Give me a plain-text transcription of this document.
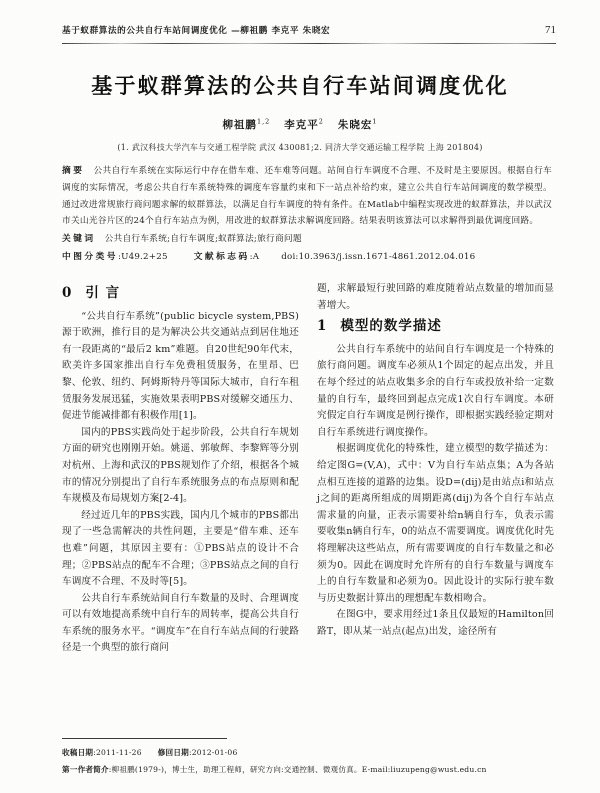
基于蚁群算法的公共自行车站间调度优化 —柳祖鹏 李克平 朱晓宏	71
基于蚁群算法的公共自行车站间调度优化
柳祖鹏$^{1,2}$ 李克平$^2$ 朱晓宏$^1$
(1. 武汉科技大学汽车与交通工程学院 武汉 430081;2. 同济大学交通运输工程学院 上海 201804)
摘要 公共自行车系统在实际运行中存在借车难、还车难等问题。站间自行车调度不合理、不及时是主要原因。根据自行车调度的实际情况，考虑公共自行车系统特殊的调度车容量约束和下一站点补给约束，建立公共自行车站间调度的数学模型。通过改进常规旅行商问题求解的蚁群算法，以满足自行车调度的特有条件。在Matlab中编程实现改进的蚁群算法，并以武汉市关山光谷片区的24个自行车站点为例，用改进的蚁群算法求解调度回路。结果表明该算法可以求解得到最优调度回路。
关键词 公共自行车系统;自行车调度;蚁群算法;旅行商问题
中图分类号:U49.2+25	文献标志码:A	doi:10.3963/j.issn.1671-4861.2012.04.016
0 引 言

“公共自行车系统”(public bicycle system,PBS)源于欧洲，推行目的是为解决公共交通站点到居住地还有一段距离的“最后2 km”难题。自20世纪90年代末，欧美许多国家推出自行车免费租赁服务，在里昂、巴黎、伦敦、纽约、阿姆斯特丹等国际大城市，自行车租赁服务发展迅猛，实施效果表明PBS对缓解交通压力、促进节能减排都有积极作用[1]。

国内的PBS实践尚处于起步阶段，公共自行车规划方面的研究也刚刚开始。姚遥、郭敏辉、李黎辉等分别对杭州、上海和武汉的PBS规划作了介绍，根据各个城市的情况分别提出了自行车系统服务点的布点原则和配车规模及布局规划方案[2-4]。

经过近几年的PBS实践，国内几个城市的PBS都出现了一些急需解决的共性问题，主要是“借车难、还车也难”问题，其原因主要有：①PBS站点的设计不合理；②PBS站点的配车不合理；③PBS站点之间的自行车调度不合理、不及时等[5]。

公共自行车系统站间自行车数量的及时、合理调度可以有效地提高系统中自行车的周转率，提高公共自行车系统的服务水平。“调度车”在自行车站点间的行驶路径是一个典型的旅行商问

题，求解最短行驶回路的难度随着站点数量的增加而显著增大。

1 模型的数学描述

公共自行车系统中的站间自行车调度是一个特殊的旅行商问题。调度车必须从1个固定的起点出发，并且在每个经过的站点收集多余的自行车或投放补给一定数量的自行车，最终回到起点完成1次自行车调度。本研究假定自行车调度是例行操作，即根据实践经验定期对自行车系统进行调度操作。

根据调度优化的特殊性，建立模型的数学描述为：给定图G=(V,A)，式中：V为自行车站点集；A为各站点相互连接的道路的边集。设D=(dij)是由站点i和站点j之间的距离所组成的周期距离(dij)为各个自行车站点需求量的向量，正表示需要补给n辆自行车，负表示需要收集n辆自行车，0的站点不需要调度。调度优化时先将理解决这些站点，所有需要调度的自行车数量之和必须为0。因此在调度时允许所有的自行车数量与调度车上的自行车数量和必须为0。因此设计的实际行驶车数与历史数据计算出的理想配车数相吻合。

在图G中，要求用经过1条且仅最短的Hamilton回路T，即从某一站点(起点)出发，途径所有

收稿日期:2011-11-26 修回日期:2012-01-06
第一作者简介:柳祖鹏(1979-)，博士生，助理工程师，研究方向:交通控制、微观仿真。E-mail:liuzupeng@wust.edu.cn
